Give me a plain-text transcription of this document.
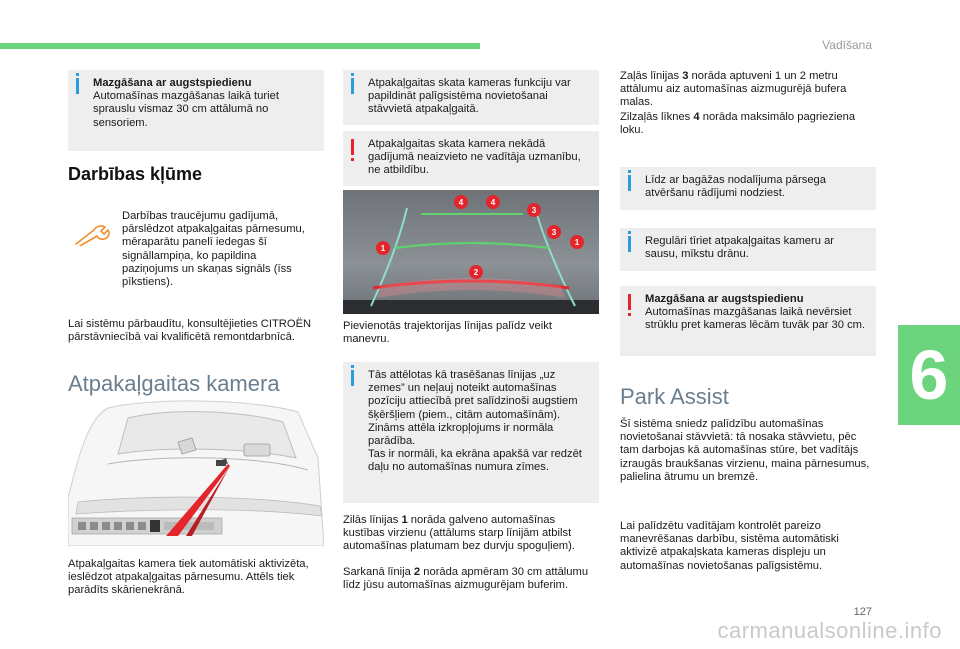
Vadīšana
6
127
carmanualsonline.info
Mazgāšana ar augstspiedienu
Automašīnas mazgāšanas laikā turiet sprauslu vismaz 30 cm attālumā no sensoriem.
Darbības kļūme
Darbības traucējumu gadījumā, pārslēdzot atpakaļgaitas pārnesumu, mēraparātu panelī iedegas šī signāllampiņa, ko papildina paziņojums un skaņas signāls (īss pīkstiens).
Lai sistēmu pārbaudītu, konsultējieties CITROËN pārstāvniecībā vai kvalificētā remontdarbnīcā.
Atpakaļgaitas kamera
Atpakaļgaitas kamera tiek automātiski aktivizēta, ieslēdzot atpakaļgaitas pārnesumu. Attēls tiek parādīts skārienekrānā.
Atpakaļgaitas skata kameras funkciju var papildināt palīgsistēma novietošanai stāvvietā atpakaļgaitā.
Atpakaļgaitas skata kamera nekādā gadījumā neaizvieto ne vadītāja uzmanību, ne atbildību.
1
1
2
3
3
4	4
Pievienotās trajektorijas līnijas palīdz veikt manevru.
Tās attēlotas kā trasēšanas līnijas „uz zemes” un neļauj noteikt automašīnas pozīciju attiecībā pret salīdzinoši augstiem šķēršļiem (piem., citām automašīnām).
Zināms attēla izkropļojums ir normāla parādība.
Tas ir normāli, ka ekrāna apakšā var redzēt daļu no automašīnas numura zīmes.
Zilās līnijas 1 norāda galveno automašīnas kustības virzienu (attālums starp līnijām atbilst automašīnas platumam bez durvju spoguļiem).
Sarkanā līnija 2 norāda apmēram 30 cm attālumu līdz jūsu automašīnas aizmugurējam buferim.
Zaļās līnijas 3 norāda aptuveni 1 un 2 metru attālumu aiz automašīnas aizmugurējā bufera malas.
Zilzaļās līknes 4 norāda maksimālo pagrieziena loku.
Līdz ar bagāžas nodalījuma pārsega atvēršanu rādījumi nodziest.
Regulāri tīriet atpakaļgaitas kameru ar sausu, mīkstu drānu.
Mazgāšana ar augstspiedienu
Automašīnas mazgāšanas laikā nevērsiet strūklu pret kameras lēcām tuvāk par 30 cm.
Park Assist
Šī sistēma sniedz palīdzību automašīnas novietošanai stāvvietā: tā nosaka stāvvietu, pēc tam darbojas kā automašīnas stūre, bet vadītājs izraugās braukšanas virzienu, maina pārnesumus, palielina ātrumu un bremzē.
Lai palīdzētu vadītājam kontrolēt pareizo manevrēšanas darbību, sistēma automātiski aktivizē atpakaļskata kameras displeju un automašīnas novietošanas palīgsistēmu.
